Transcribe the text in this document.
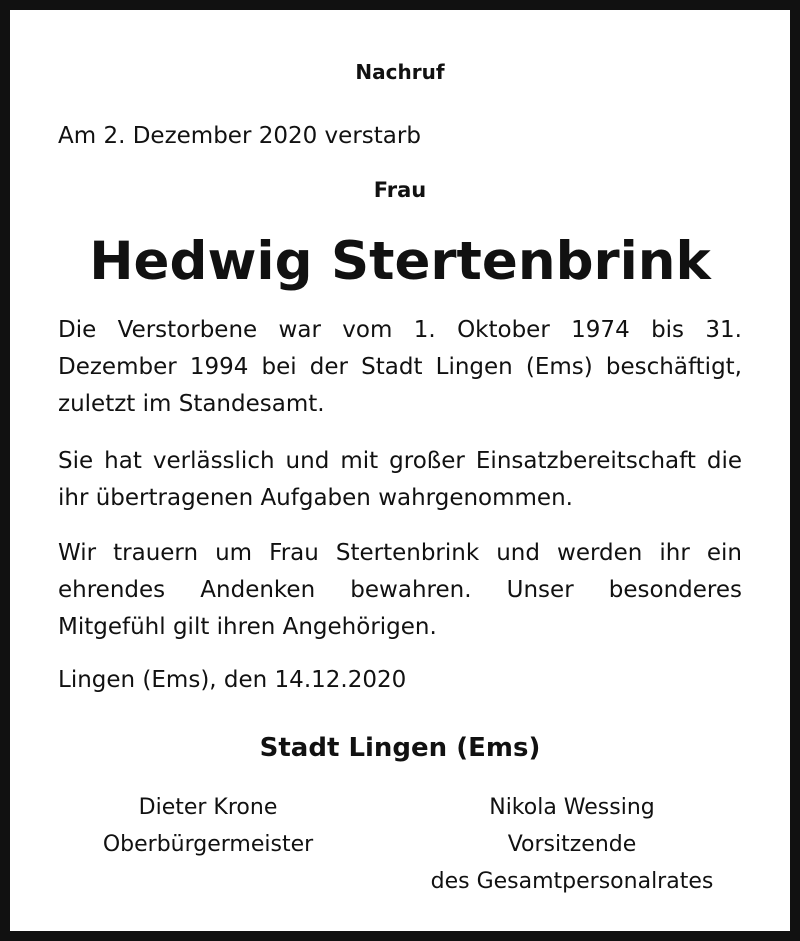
Nachruf
Am 2. Dezember 2020 verstarb
Frau
Hedwig Stertenbrink
Die Verstorbene war vom 1. Oktober 1974 bis 31. Dezember 1994 bei der Stadt Lingen (Ems) beschäftigt, zuletzt im Standesamt.
Sie hat verlässlich und mit großer Einsatzbereitschaft die ihr übertragenen Aufgaben wahrgenommen.
Wir trauern um Frau Stertenbrink und werden ihr ein ehrendes Andenken bewahren. Unser besonderes Mitgefühl gilt ihren Angehörigen.
Lingen (Ems), den 14.12.2020
Stadt Lingen (Ems)
Dieter Krone
Oberbürgermeister
Nikola Wessing
Vorsitzende
des Gesamtpersonalrates
